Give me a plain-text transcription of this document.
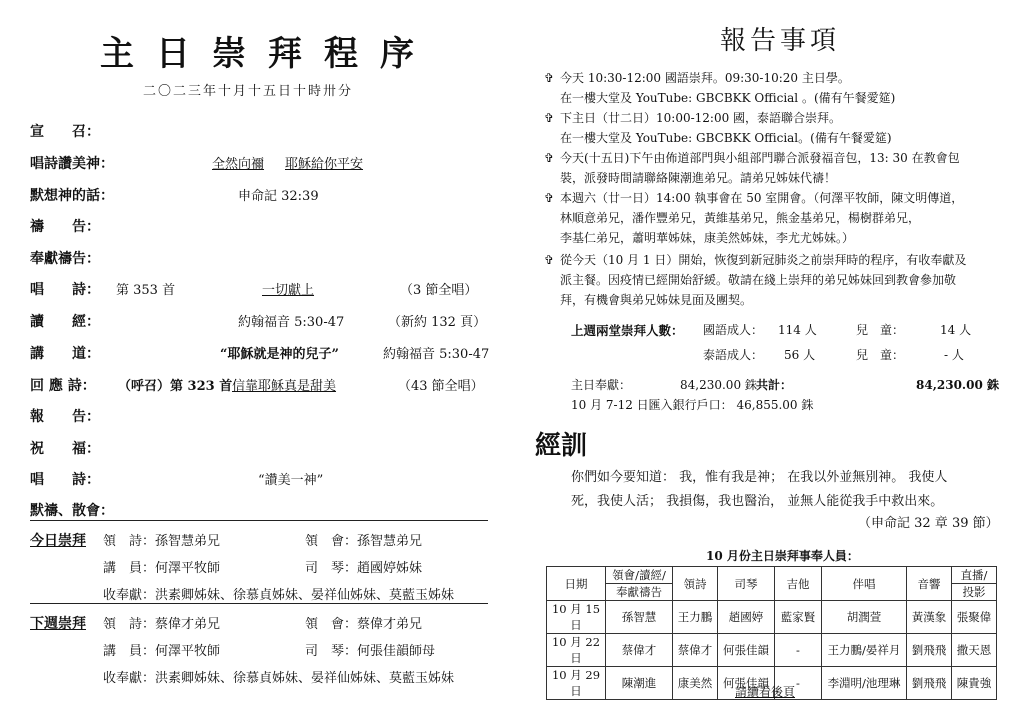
主日崇拜程序
二〇二三年十月十五日十時卅分
宣　　召：
唱詩讚美神：	全然向禰 耶穌給你平安
默想神的話：	申命記 32:39
禱　　告：
奉獻禱告：
唱　　詩： 第 353 首	一切獻上	（3 節全唱）
讀　　經：	約翰福音 5:30-47	（新約 132 頁）
講　　道：	“耶穌就是神的兒子”	約翰福音 5:30-47
回 應 詩： （呼召）第 323 首 信靠耶穌真是甜美	（43 節全唱）
報　　告：
祝　　福：
唱　　詩：	“讚美一神”
默禱、散會：
今日崇拜 領　詩：孫智慧弟兄	領　會：孫智慧弟兄
講　員：何澤平牧師	司　琴：趙國婷姊妹
收奉獻：洪素卿姊妹、徐慕貞姊妹、晏祥仙姊妹、莫藍玉姊妹
下週崇拜 領　詩：蔡偉才弟兄	領　會：蔡偉才弟兄
講　員：何澤平牧師	司　琴：何張佳韻師母
收奉獻：洪素卿姊妹、徐慕貞姊妹、晏祥仙姊妹、莫藍玉姊妹
報告事項
✞ 今天 10:30-12:00 國語崇拜。09:30-10:20 主日學。
在一樓大堂及 YouTube: GBCBKK Official 。(備有午餐愛筵)
✞ 下主日（廿二日）10:00-12:00 國，泰語聯合崇拜。
在一樓大堂及 YouTube: GBCBKK Official。(備有午餐愛筵)
✞ 今天(十五日)下午由佈道部門與小組部門聯合派發福音包，13: 30 在教會包
裝，派發時間請聯絡陳潮進弟兄。請弟兄姊妹代禱！
✞ 本週六（廿一日）14:00 執事會在 50 室開會。（何澤平牧師，陳文明傳道，
林順意弟兄，潘作豐弟兄，黃維基弟兄，熊金基弟兄，楊樹群弟兄，
李基仁弟兄，蕭明華姊妹，康美然姊妹，李尤尤姊妹。）
✞ 從今天（10 月 1 日）開始，恢復到新冠肺炎之前崇拜時的程序，有收奉獻及
派主餐。因疫情已經開始舒緩。敬請在綫上崇拜的弟兄姊妹回到教會參加敬
拜，有機會與弟兄姊妹見面及團契。
上週兩堂崇拜人數： 國語成人： 114 人	兒　童：	14 人
泰語成人： 56 人	兒　童：	- 人
主日奉獻：	84,230.00 銖 共計：	84,230.00 銖
10 月 7-12 日匯入銀行戶口： 46,855.00 銖
經訓
你們如今要知道： 我，惟有我是神； 在我以外並無別神。 我使人
死，我使人活； 我損傷，我也醫治， 並無人能從我手中救出來。
（申命記 32 章 39 節）
10 月份主日崇拜事奉人員：
日期	領會/讀經/	領詩	司琴	吉他	伴唱	音響	直播/
	奉獻禱告						投影
10 月 15 日	孫智慧	王力鵬	趙國婷	藍家賢	胡潤萱	黃漢象	張聚偉
10 月 22 日	蔡偉才	蔡偉才	何張佳韻	-	王力鵬/晏祥月	劉飛飛	撒天恩
10 月 29 日	陳潮進	康美然	何張佳韻	-	李淵明/池理琳	劉飛飛	陳貴強
請續看後頁
